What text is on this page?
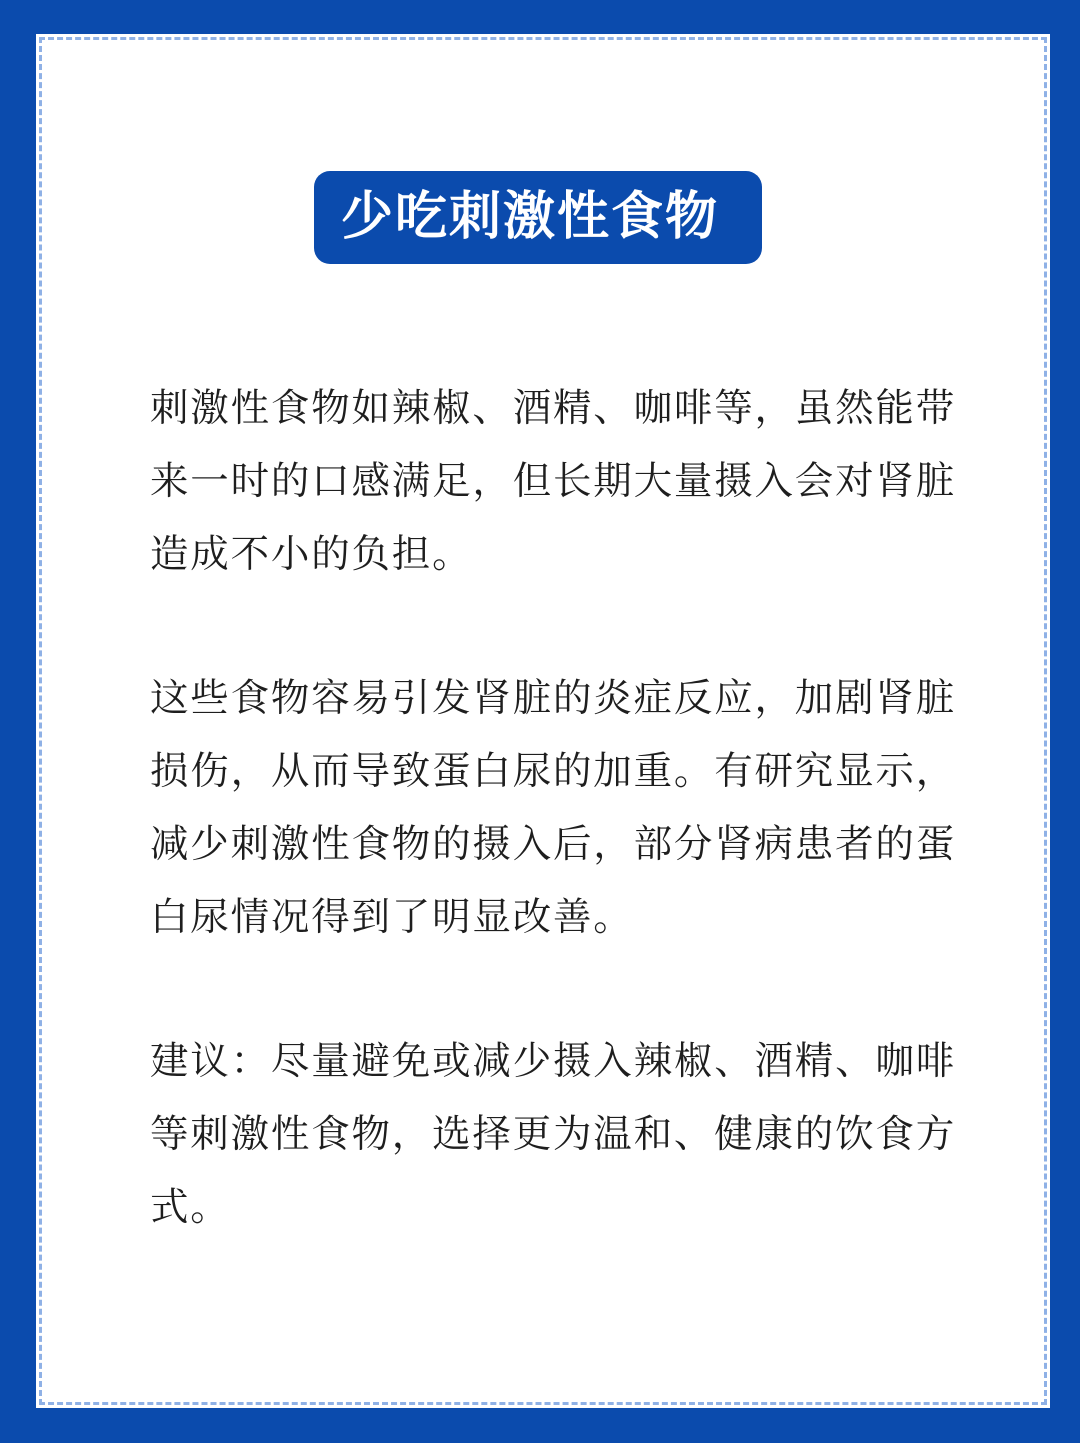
少吃刺激性食物

刺激性食物如辣椒、酒精、咖啡等，虽然能带来一时的口感满足，但长期大量摄入会对肾脏造成不小的负担。

这些食物容易引发肾脏的炎症反应，加剧肾脏损伤，从而导致蛋白尿的加重。有研究显示，减少刺激性食物的摄入后，部分肾病患者的蛋白尿情况得到了明显改善。

建议：尽量避免或减少摄入辣椒、酒精、咖啡等刺激性食物，选择更为温和、健康的饮食方式。
